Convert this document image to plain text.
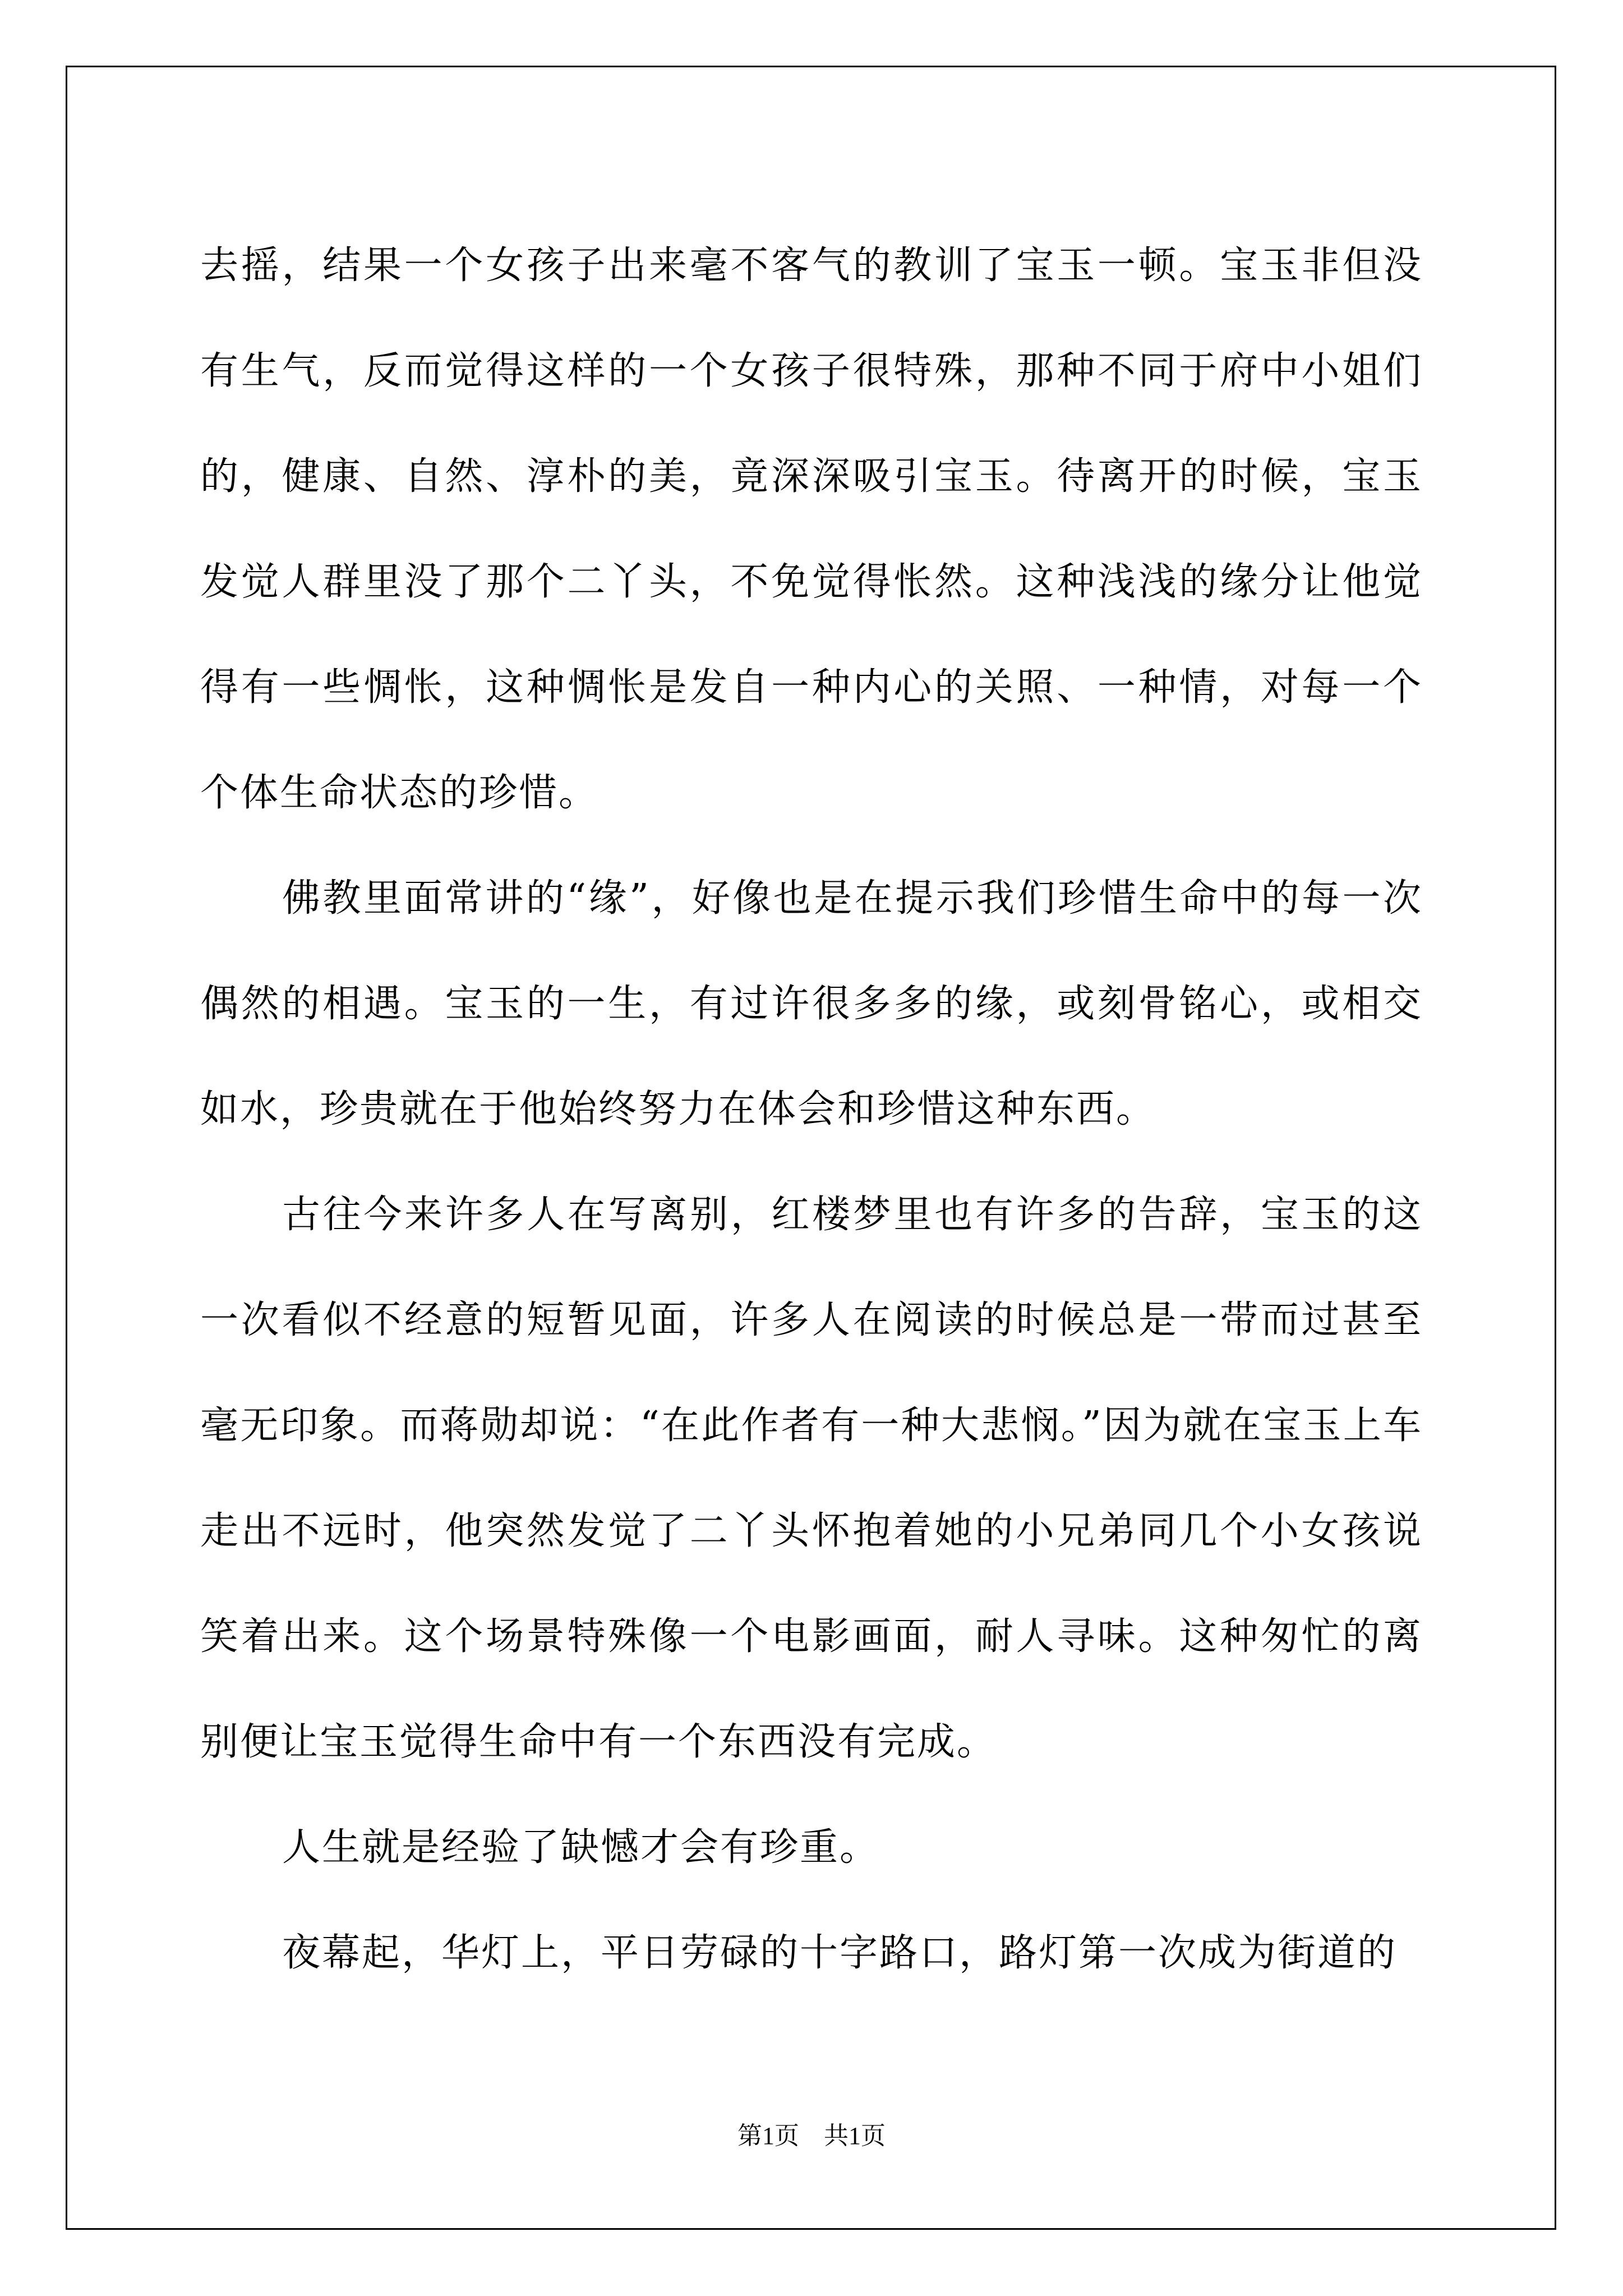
去摇，结果一个女孩子出来毫不客气的教训了宝玉一顿。宝玉非但没有生气，反而觉得这样的一个女孩子很特殊，那种不同于府中小姐们的，健康、自然、淳朴的美，竟深深吸引宝玉。待离开的时候，宝玉发觉人群里没了那个二丫头，不免觉得怅然。这种浅浅的缘分让他觉得有一些惆怅，这种惆怅是发自一种内心的关照、一种情，对每一个个体生命状态的珍惜。

佛教里面常讲的“缘”，好像也是在提示我们珍惜生命中的每一次偶然的相遇。宝玉的一生，有过许很多多的缘，或刻骨铭心，或相交如水，珍贵就在于他始终努力在体会和珍惜这种东西。

古往今来许多人在写离别，红楼梦里也有许多的告辞，宝玉的这一次看似不经意的短暂见面，许多人在阅读的时候总是一带而过甚至毫无印象。而蒋勋却说：“在此作者有一种大悲悯。”因为就在宝玉上车走出不远时，他突然发觉了二丫头怀抱着她的小兄弟同几个小女孩说笑着出来。这个场景特殊像一个电影画面，耐人寻味。这种匆忙的离别便让宝玉觉得生命中有一个东西没有完成。

人生就是经验了缺憾才会有珍重。

夜幕起，华灯上，平日劳碌的十字路口，路灯第一次成为街道的

第1页　共1页
